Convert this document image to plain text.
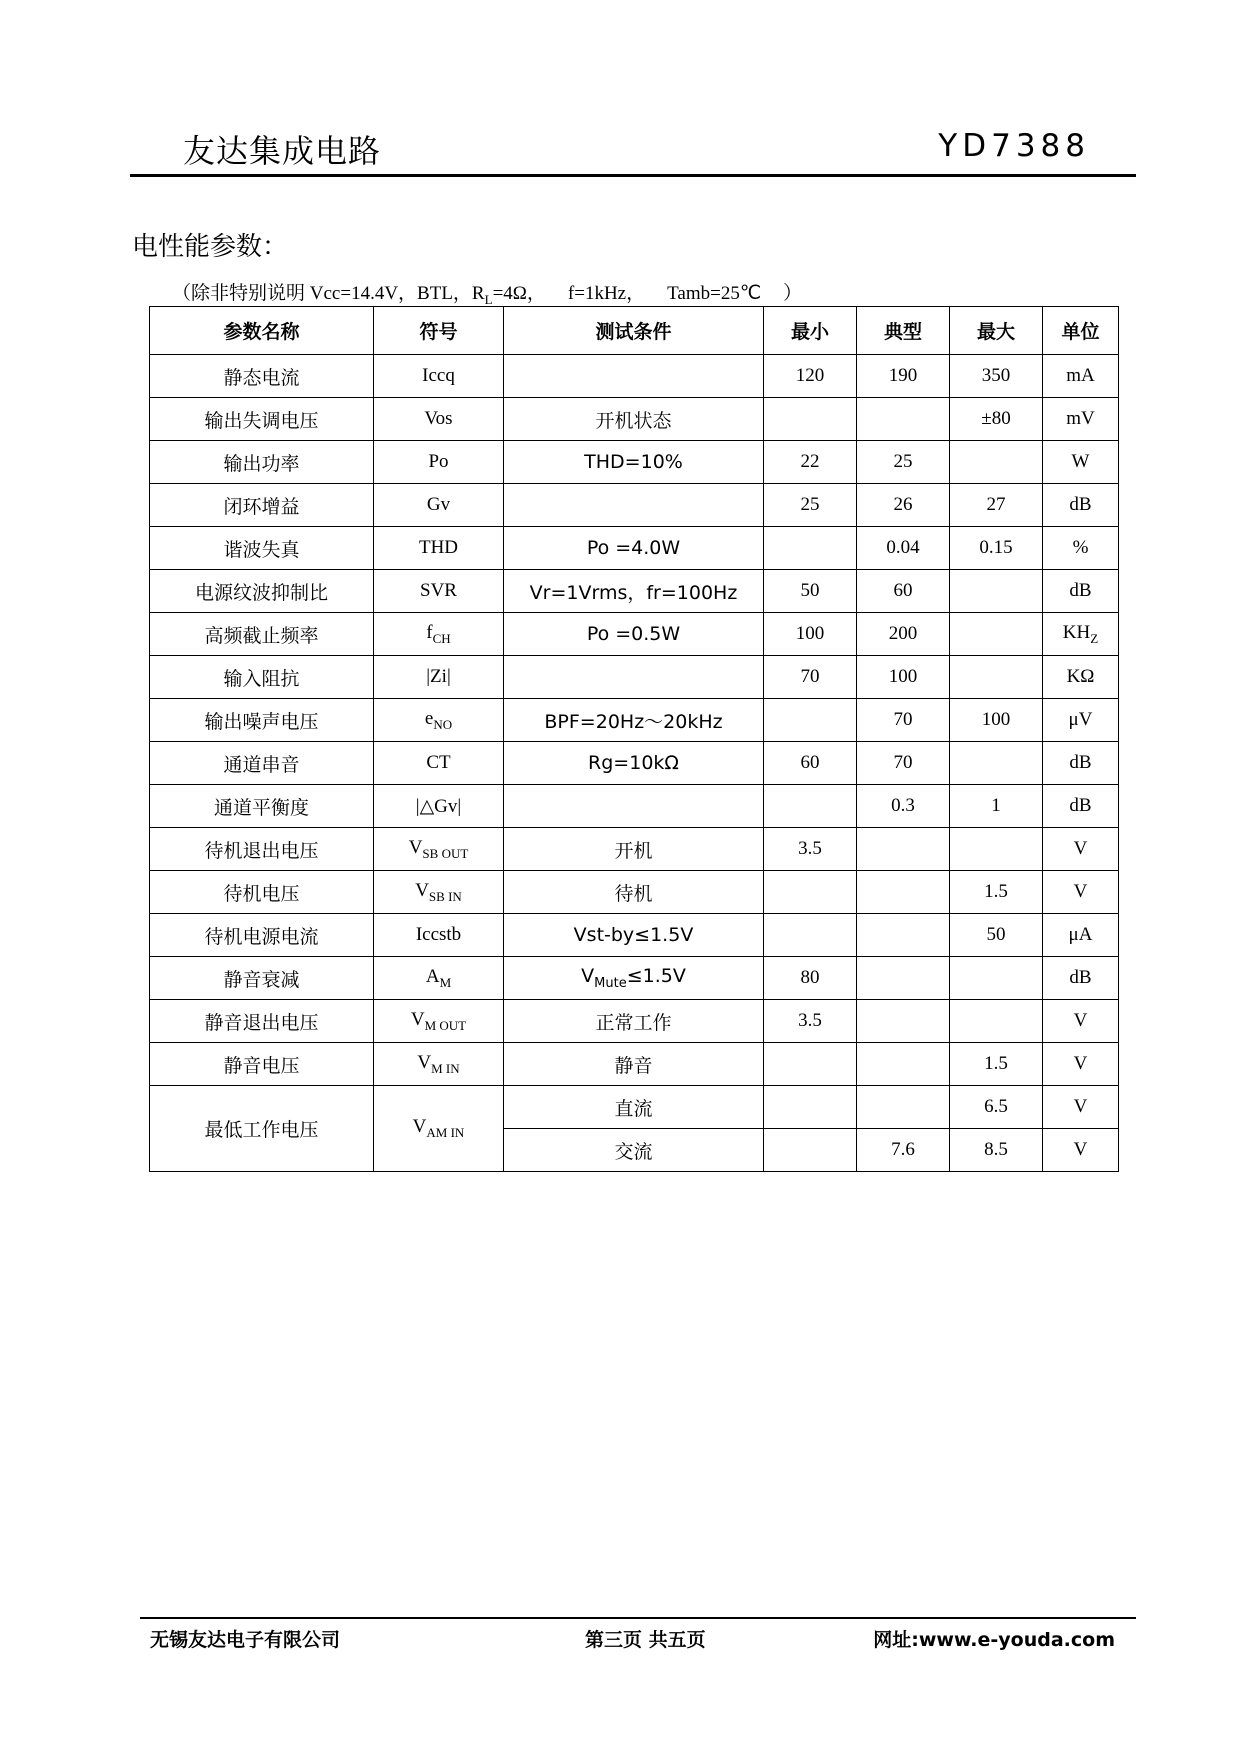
友达集成电路	YD7388
电性能参数：
（除非特别说明 Vcc=14.4V，BTL，$R_L=4\Omega$， f=1kHz， Tamb=25℃ ）
参数名称	符号	测试条件	最小	典型	最大	单位
静态电流	Iccq		120	190	350	mA
输出失调电压	Vos	开机状态			±80	mV
输出功率	Po	THD=10%	22	25		W
闭环增益	Gv		25	26	27	dB
谐波失真	THD	Po =4.0W		0.04	0.15	%
电源纹波抑制比	SVR	Vr=1Vrms，fr=100Hz	50	60		dB
高频截止频率	$f_{CH}$	Po =0.5W	100	200		$KH_Z$
输入阻抗	|Zi|		70	100		KΩ
输出噪声电压	$e_{NO}$	BPF=20Hz～20kHz		70	100	μV
通道串音	CT	Rg=10kΩ	60	70		dB
通道平衡度	|△Gv|			0.3	1	dB
待机退出电压	$V_{SB OUT}$	开机	3.5			V
待机电压	$V_{SB IN}$	待机			1.5	V
待机电源电流	Iccstb	Vst-by≤1.5V			50	μA
静音衰减	$A_M$	$V_{Mute}\le 1.5V$	80			dB
静音退出电压	$V_{M OUT}$	正常工作	3.5			V
静音电压	$V_{M IN}$	静音			1.5	V
最低工作电压	$V_{AM IN}$	直流			6.5	V
		交流		7.6	8.5	V
无锡友达电子有限公司	第三页 共五页	网址:www.e-youda.com
